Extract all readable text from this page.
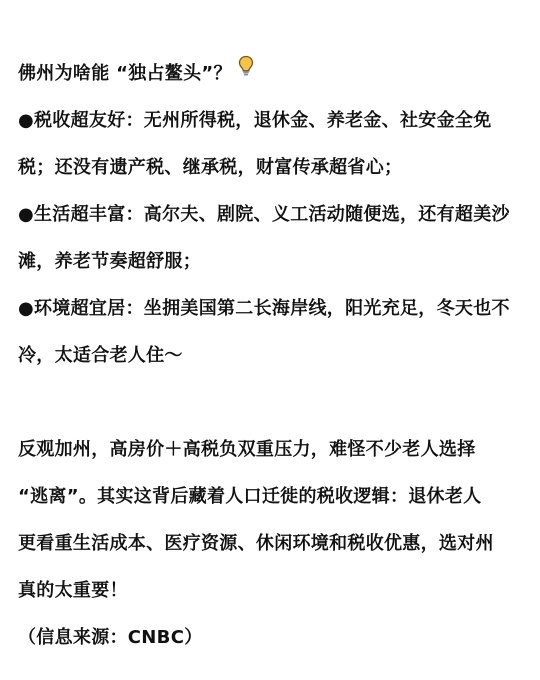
佛州为啥能 “独占鳌头”？
●税收超友好：无州所得税，退休金、养老金、社安金全免
税；还没有遗产税、继承税，财富传承超省心；
●生活超丰富：高尔夫、剧院、义工活动随便选，还有超美沙
滩，养老节奏超舒服；
●环境超宜居：坐拥美国第二长海岸线，阳光充足，冬天也不
冷，太适合老人住～
反观加州，高房价＋高税负双重压力，难怪不少老人选择
“逃离”。其实这背后藏着人口迁徙的税收逻辑：退休老人
更看重生活成本、医疗资源、休闲环境和税收优惠，选对州
真的太重要！
（信息来源：CNBC）
